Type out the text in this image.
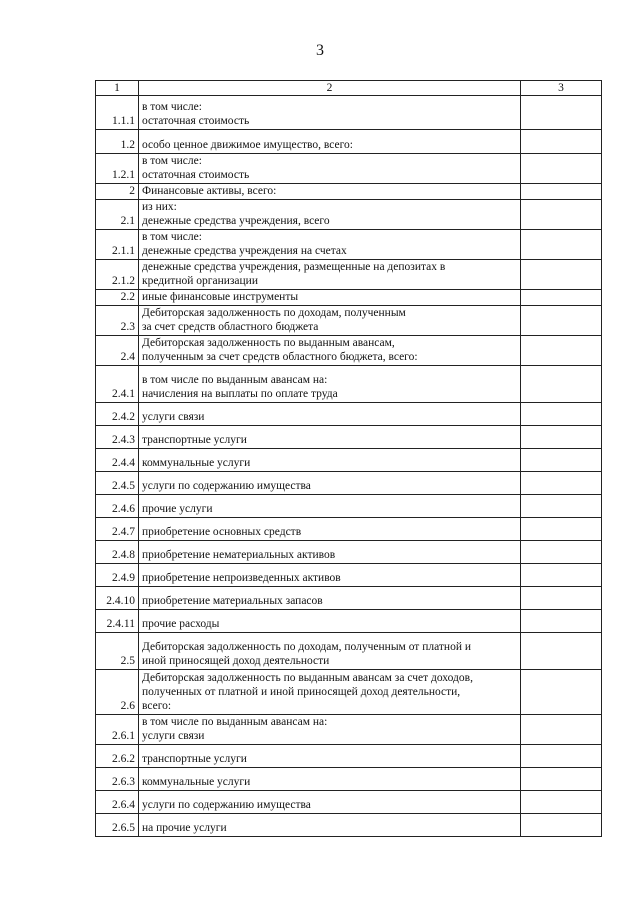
3
1	2	3
1.1.1	в том числе:
остаточная стоимость	

1.2	особо ценное движимое имущество, всего:	

1.2.1	в том числе:
остаточная стоимость	

2	Финансовые активы, всего:	

2.1	из них:
денежные средства учреждения, всего	

2.1.1	в том числе:
денежные средства учреждения на счетах	

2.1.2	денежные средства учреждения, размещенные на депозитах в
кредитной организации	

2.2	иные финансовые инструменты	

2.3	Дебиторская задолженность по доходам, полученным
за счет средств областного бюджета	

2.4	Дебиторская задолженность по выданным авансам,
полученным за счет средств областного бюджета, всего:	

2.4.1	в том числе по выданным авансам на:
начисления на выплаты по оплате труда	

2.4.2	услуги связи	

2.4.3	транспортные услуги	

2.4.4	коммунальные услуги	

2.4.5	услуги по содержанию имущества	

2.4.6	прочие услуги	

2.4.7	приобретение основных средств	

2.4.8	приобретение нематериальных активов	

2.4.9	приобретение непроизведенных активов	

2.4.10	приобретение материальных запасов	

2.4.11	прочие расходы	

2.5	Дебиторская задолженность по доходам, полученным от платной и
иной приносящей доход деятельности	

2.6	Дебиторская задолженность по выданным авансам за счет доходов,
полученных от платной и иной приносящей доход деятельности,
всего:	

2.6.1	в том числе по выданным авансам на:
услуги связи	

2.6.2	транспортные услуги	

2.6.3	коммунальные услуги	

2.6.4	услуги по содержанию имущества	

2.6.5	на прочие услуги	
